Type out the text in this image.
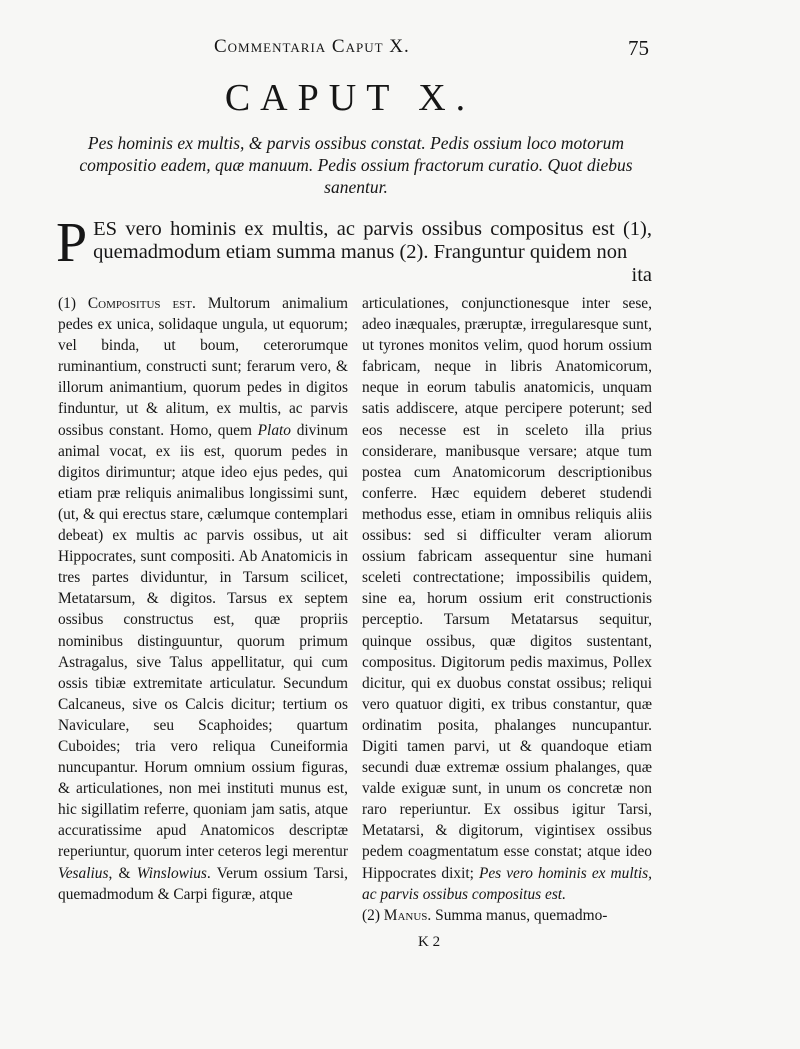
Commentaria Caput X.	75
CAPUT X.
Pes hominis ex multis, & parvis ossibus constat. Pedis ossium loco motorum compositio eadem, quæ manuum. Pedis ossium fractorum curatio. Quot diebus sanentur.
P ES vero hominis ex multis, ac parvis ossibus compositus est (1), quemadmodum etiam summa manus (2). Franguntur quidem non
ita

(1) Compositus est. Multorum animalium pedes ex unica, solidaque ungula, ut equorum; vel binda, ut boum, ceterorumque ruminantium, constructi sunt; ferarum vero, & illorum animantium, quorum pedes in digitos finduntur, ut & alitum, ex multis, ac parvis ossibus constant. Homo, quem Plato divinum animal vocat, ex iis est, quorum pedes in digitos dirimuntur; atque ideo ejus pedes, qui etiam præ reliquis animalibus longissimi sunt, (ut, & qui erectus stare, cælumque contemplari debeat) ex multis ac parvis ossibus, ut ait Hippocrates, sunt compositi. Ab Anatomicis in tres partes dividuntur, in Tarsum scilicet, Metatarsum, & digitos. Tarsus ex septem ossibus constructus est, quæ propriis nominibus distinguuntur, quorum primum Astragalus, sive Talus appellitatur, qui cum ossis tibiæ extremitate articulatur. Secundum Calcaneus, sive os Calcis dicitur; tertium os Naviculare, seu Scaphoides; quartum Cuboides; tria vero reliqua Cuneiformia nuncupantur. Horum omnium ossium figuras, & articulationes, non mei instituti munus est, hic sigillatim referre, quoniam jam satis, atque accuratissime apud Anatomicos descriptæ reperiuntur, quorum inter ceteros legi merentur Vesalius, & Winslowius. Verum ossium Tarsi, quemadmodum & Carpi figuræ, atque

articulationes, conjunctionesque inter sese, adeo inæquales, præruptæ, irregularesque sunt, ut tyrones monitos velim, quod horum ossium fabricam, neque in libris Anatomicorum, neque in eorum tabulis anatomicis, unquam satis addiscere, atque percipere poterunt; sed eos necesse est in sceleto illa prius considerare, manibusque versare; atque tum postea cum Anatomicorum descriptionibus conferre. Hæc equidem deberet studendi methodus esse, etiam in omnibus reliquis aliis ossibus: sed si difficulter veram aliorum ossium fabricam assequentur sine humani sceleti contrectatione; impossibilis quidem, sine ea, horum ossium erit constructionis perceptio. Tarsum Metatarsus sequitur, quinque ossibus, quæ digitos sustentant, compositus. Digitorum pedis maximus, Pollex dicitur, qui ex duobus constat ossibus; reliqui vero quatuor digiti, ex tribus constantur, quæ ordinatim posita, phalanges nuncupantur. Digiti tamen parvi, ut & quandoque etiam secundi duæ extremæ ossium phalanges, quæ valde exiguæ sunt, in unum os concretæ non raro reperiuntur. Ex ossibus igitur Tarsi, Metatarsi, & digitorum, vigintisex ossibus pedem coagmentatum esse constat; atque ideo Hippocrates dixit; Pes vero hominis ex multis, ac parvis ossibus compositus est.

(2) Manus. Summa manus, quemadmo-

K 2
